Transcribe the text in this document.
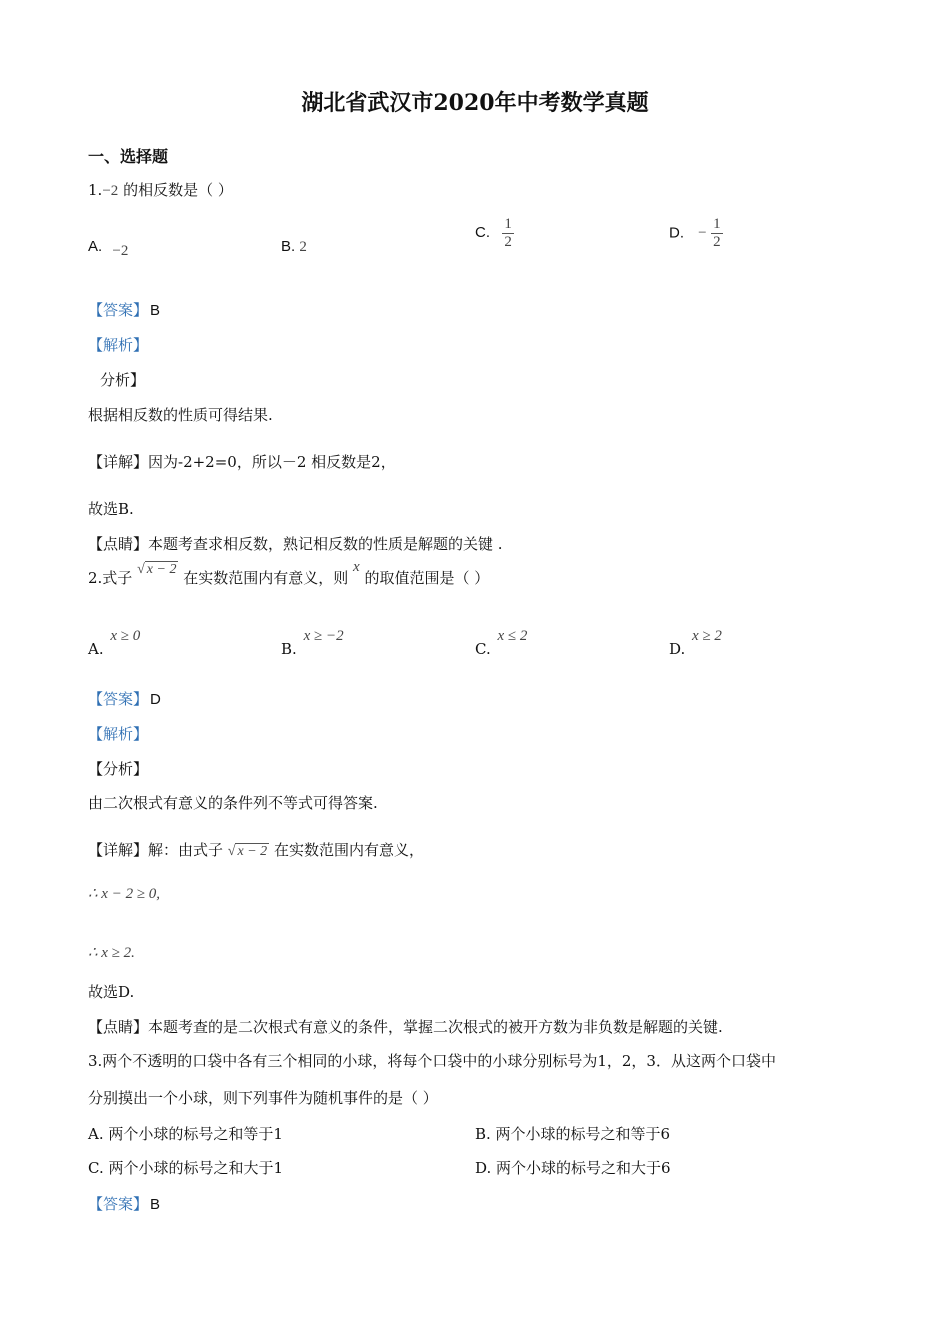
湖北省武汉市2020年中考数学真题
一、选择题
1.−2 的相反数是（ ）
A. −2	B. 2
C. $\frac{1}{2}$	D. − $\frac{1}{2}$
【答案】 B
【解析】
分析】
根据相反数的性质可得结果.
【详解】因为-2+2=0，所以－2 相反数是2，
故选B.
【点睛】本题考查求相反数，熟记相反数的性质是解题的关键 .
2.式子 √ x − 2 在实数范围内有意义，则 x 的取值范围是（ ）
A. x ≥ 0
B. x ≥ −2
C. x ≤ 2
D. x ≥ 2
【答案】 D
【解析】
【分析】
由二次根式有意义的条件列不等式可得答案.
【详解】解：由式子 √ x − 2 在实数范围内有意义，
∴ x − 2 ≥ 0,
∴ x ≥ 2.
故选D.
【点睛】本题考查的是二次根式有意义的条件，掌握二次根式的被开方数为非负数是解题的关键.
3.两个不透明的口袋中各有三个相同的小球，将每个口袋中的小球分别标号为1，2，3．从这两个口袋中
分别摸出一个小球，则下列事件为随机事件的是（ ）
A. 两个小球的标号之和等于1	B. 两个小球的标号之和等于6
C. 两个小球的标号之和大于1	D. 两个小球的标号之和大于6
【答案】 B
